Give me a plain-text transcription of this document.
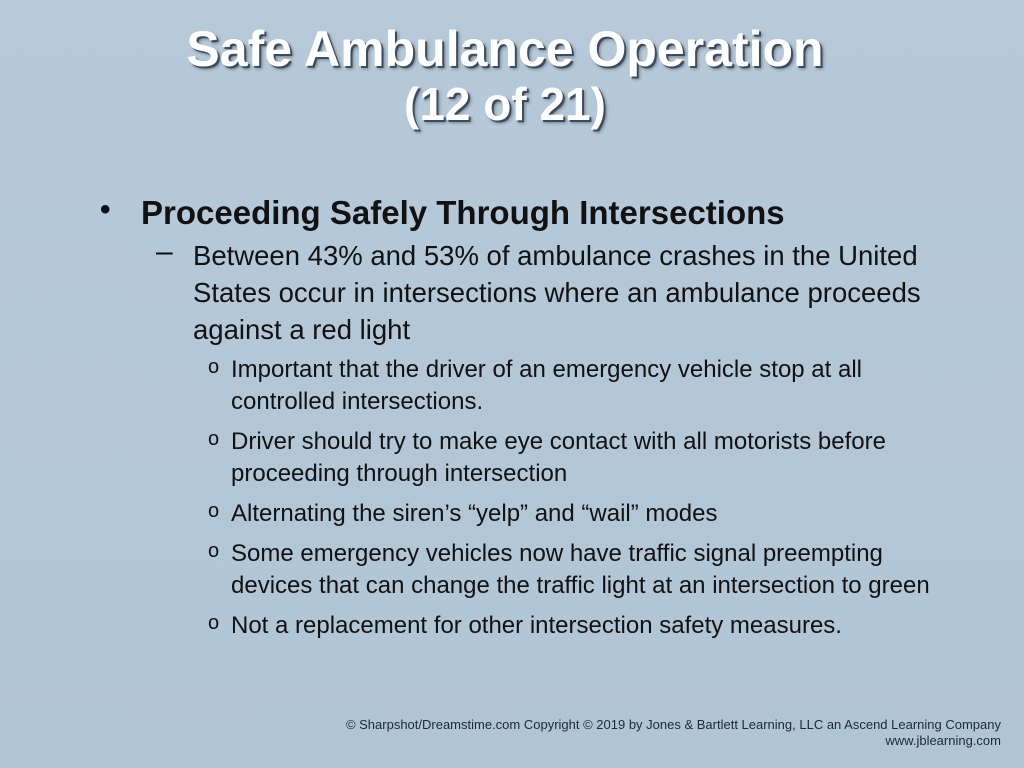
Safe Ambulance Operation
(12 of 21)
• Proceeding Safely Through Intersections
– Between 43% and 53% of ambulance crashes in the United States occur in intersections where an ambulance proceeds against a red light
o Important that the driver of an emergency vehicle stop at all controlled intersections.
o Driver should try to make eye contact with all motorists before proceeding through intersection
o Alternating the siren’s “yelp” and “wail” modes
o Some emergency vehicles now have traffic signal preempting devices that can change the traffic light at an intersection to green
o Not a replacement for other intersection safety measures.
© Sharpshot/Dreamstime.com Copyright © 2019 by Jones & Bartlett Learning, LLC an Ascend Learning Company
www.jblearning.com
